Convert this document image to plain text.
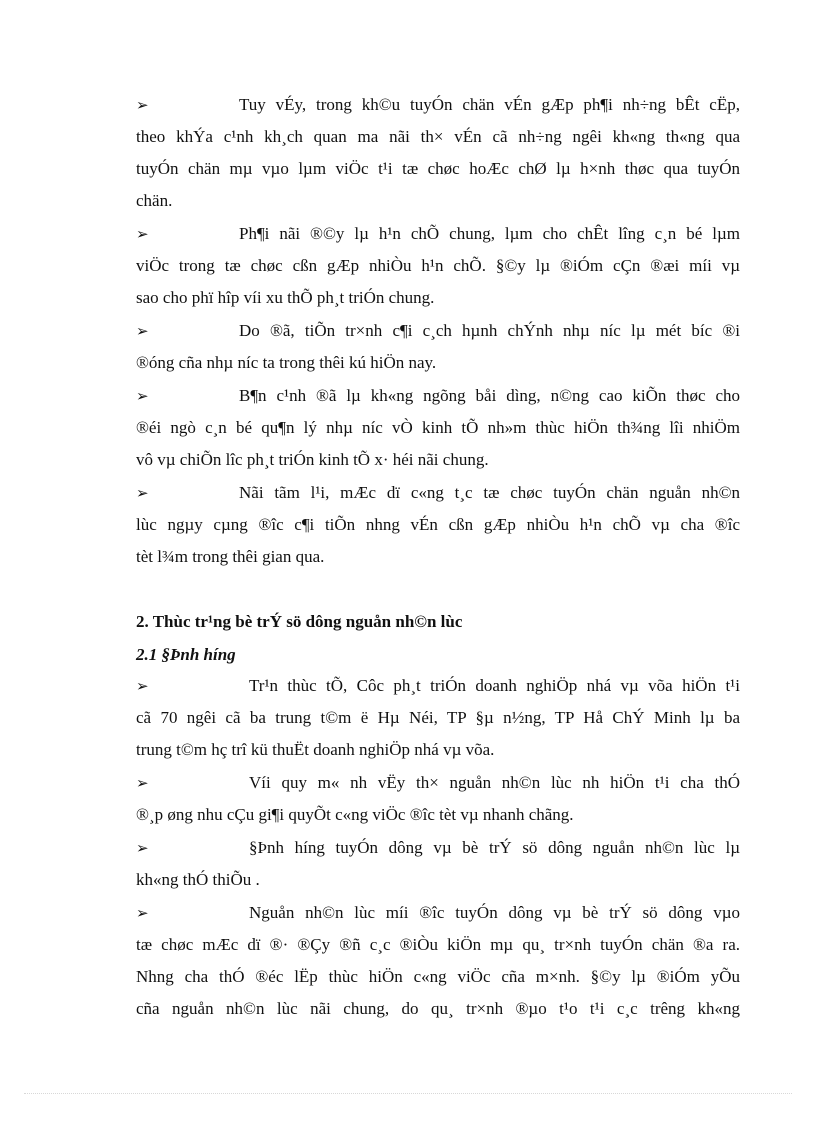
➢	Tuy vÉy, trong kh©u tuyÓn chän vÉn gÆp ph¶i nh÷ng bÊt cËp,
theo khÝa c¹nh kh¸ch quan ma nãi th× vÉn cã nh÷ng ngêi kh«ng th«ng qua
tuyÓn chän mµ vµo lµm viÖc t¹i tæ chøc hoÆc chØ lµ h×nh thøc qua tuyÓn
chän.
➢	Ph¶i nãi ®©y lµ h¹n chÕ chung, lµm cho chÊt lîng c¸n bé lµm
viÖc trong tæ chøc cßn gÆp nhiÒu h¹n chÕ. §©y lµ ®iÓm cÇn ®æi míi vµ
sao cho phï hîp víi xu thÕ ph¸t triÓn chung.
➢	Do ®ã, tiÕn tr×nh c¶i c¸ch hµnh chÝnh nhµ níc lµ mét bíc ®i
®óng cña nhµ níc ta trong thêi kú hiÖn nay.
➢	B¶n c¹nh ®ã lµ kh«ng ngõng båi dìng, n©ng cao kiÕn thøc cho
®éi ngò c¸n bé qu¶n lý nhµ níc vÒ kinh tÕ nh»m thùc hiÖn th¾ng lîi nhiÖm
vô vµ chiÕn lîc ph¸t triÓn kinh tÕ x· héi nãi chung.
➢	Nãi tãm l¹i, mÆc dï c«ng t¸c tæ chøc tuyÓn chän nguån nh©n
lùc ngµy cµng ®îc c¶i tiÕn nhng vÉn cßn gÆp nhiÒu h¹n chÕ vµ cha ®îc
tèt l¾m trong thêi gian qua.
2. Thùc tr¹ng bè trÝ sö dông nguån nh©n lùc
2.1 §Þnh híng
➢	Tr¹n thùc tÕ, Côc ph¸t triÓn doanh nghiÖp nhá vµ võa hiÖn t¹i
cã 70 ngêi cã ba trung t©m ë Hµ Néi, TP §µ n½ng, TP Hå ChÝ Minh lµ ba
trung t©m hç trî kü thuËt doanh nghiÖp nhá vµ võa.
➢	Víi quy m« nh vËy th× nguån nh©n lùc nh hiÖn t¹i cha thÓ
®¸p øng nhu cÇu gi¶i quyÕt c«ng viÖc ®îc tèt vµ nhanh chãng.
➢	§Þnh híng tuyÓn dông vµ bè trÝ sö dông nguån nh©n lùc lµ
kh«ng thÓ thiÕu .
➢	Nguån nh©n lùc míi ®îc tuyÓn dông vµ bè trÝ sö dông vµo
tæ chøc mÆc dï ®· ®Çy ®ñ c¸c ®iÒu kiÖn mµ qu¸ tr×nh tuyÓn chän ®a ra.
Nhng cha thÓ ®éc lËp thùc hiÖn c«ng viÖc cña m×nh. §©y lµ ®iÓm yÕu
cña nguån nh©n lùc nãi chung, do qu¸ tr×nh ®µo t¹o t¹i c¸c trêng kh«ng
